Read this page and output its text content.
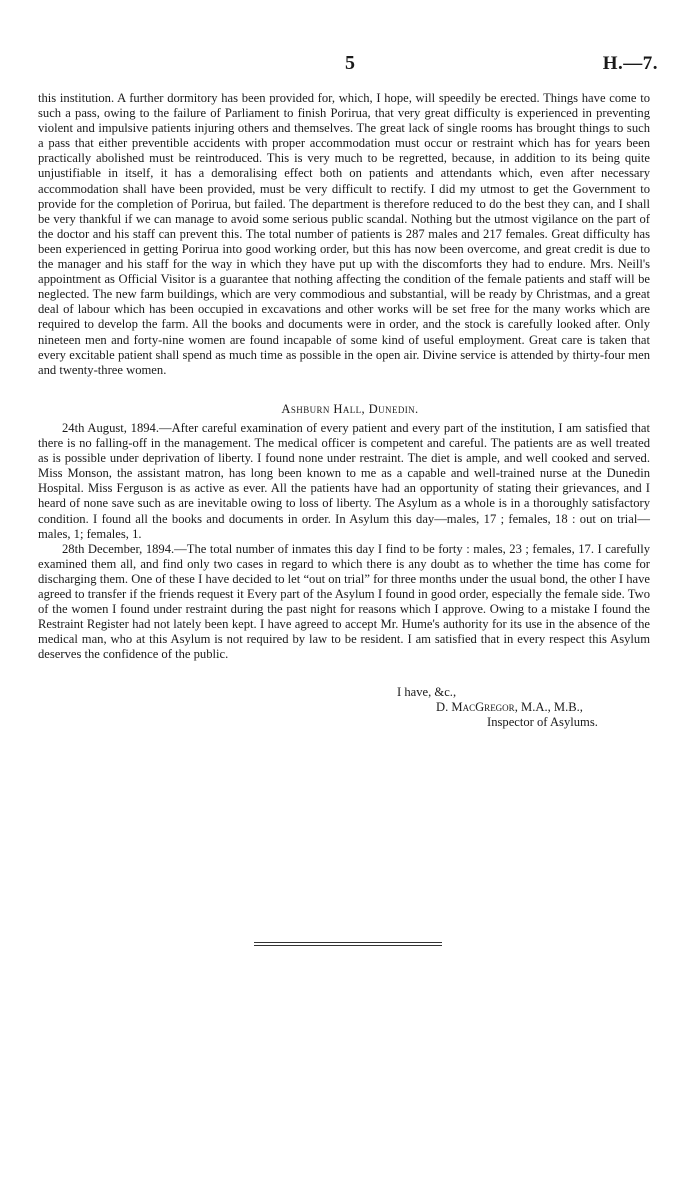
5	H.—7.

this institution. A further dormitory has been provided for, which, I hope, will speedily be erected. Things have come to such a pass, owing to the failure of Parliament to finish Porirua, that very great difficulty is experienced in preventing violent and impulsive patients injuring others and themselves. The great lack of single rooms has brought things to such a pass that either preventible accidents with proper accommodation must occur or restraint which has for years been practically abolished must be reintroduced. This is very much to be regretted, because, in addition to its being quite unjustifiable in itself, it has a demoralising effect both on patients and attendants which, even after necessary accommodation shall have been provided, must be very difficult to rectify. I did my utmost to get the Government to provide for the completion of Porirua, but failed. The department is therefore reduced to do the best they can, and I shall be very thankful if we can manage to avoid some serious public scandal. Nothing but the utmost vigilance on the part of the doctor and his staff can prevent this. The total number of patients is 287 males and 217 females. Great difficulty has been experienced in getting Porirua into good working order, but this has now been overcome, and great credit is due to the manager and his staff for the way in which they have put up with the discomforts they had to endure. Mrs. Neill's appointment as Official Visitor is a guarantee that nothing affecting the condition of the female patients and staff will be neglected. The new farm buildings, which are very commodious and substantial, will be ready by Christmas, and a great deal of labour which has been occupied in excavations and other works will be set free for the many works which are required to develop the farm. All the books and documents were in order, and the stock is carefully looked after. Only nineteen men and forty-nine women are found incapable of some kind of useful employment. Great care is taken that every excitable patient shall spend as much time as possible in the open air. Divine service is attended by thirty-four men and twenty-three women.

Ashburn Hall, Dunedin.

24th August, 1894.—After careful examination of every patient and every part of the institution, I am satisfied that there is no falling-off in the management. The medical officer is competent and careful. The patients are as well treated as is possible under deprivation of liberty. I found none under restraint. The diet is ample, and well cooked and served. Miss Monson, the assistant matron, has long been known to me as a capable and well-trained nurse at the Dunedin Hospital. Miss Ferguson is as active as ever. All the patients have had an opportunity of stating their grievances, and I heard of none save such as are inevitable owing to loss of liberty. The Asylum as a whole is in a thoroughly satisfactory condition. I found all the books and documents in order. In Asylum this day—males, 17 ; females, 18 : out on trial—males, 1; females, 1.

28th December, 1894.—The total number of inmates this day I find to be forty : males, 23 ; females, 17. I carefully examined them all, and find only two cases in regard to which there is any doubt as to whether the time has come for discharging them. One of these I have decided to let “out on trial” for three months under the usual bond, the other I have agreed to transfer if the friends request it Every part of the Asylum I found in good order, especially the female side. Two of the women I found under restraint during the past night for reasons which I approve. Owing to a mistake I found the Restraint Register had not lately been kept. I have agreed to accept Mr. Hume's authority for its use in the absence of the medical man, who at this Asylum is not required by law to be resident. I am satisfied that in every respect this Asylum deserves the confidence of the public.

I have, &c.,
D. MacGregor, M.A., M.B.,
Inspector of Asylums.
